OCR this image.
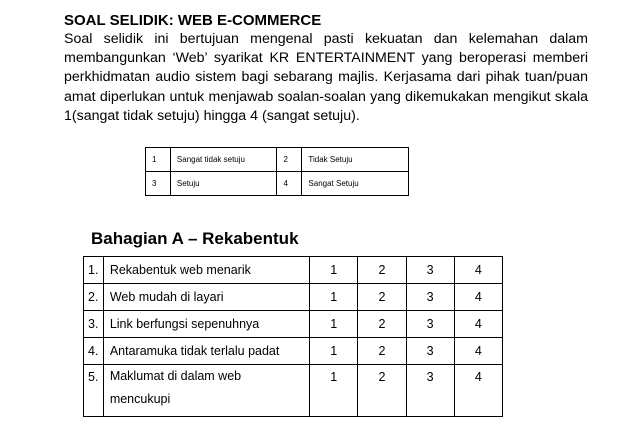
SOAL SELIDIK: WEB E-COMMERCE

Soal selidik ini bertujuan mengenal pasti kekuatan dan kelemahan dalam membangunkan ‘Web’ syarikat KR ENTERTAINMENT yang beroperasi memberi perkhidmatan audio sistem bagi sebarang majlis. Kerjasama dari pihak tuan/puan amat diperlukan untuk menjawab soalan-soalan yang dikemukakan mengikut skala 1(sangat tidak setuju) hingga 4 (sangat setuju).

1	Sangat tidak setuju	2	Tidak Setuju
3	Setuju	4	Sangat Setuju
Bahagian A – Rekabentuk
1.	Rekabentuk web menarik	1	2	3	4
2.	Web mudah di layari	1	2	3	4
3.	Link berfungsi sepenuhnya	1	2	3	4
4.	Antaramuka tidak terlalu padat	1	2	3	4
5.	Maklumat di dalam web
mencukupi	1	2	3	4
